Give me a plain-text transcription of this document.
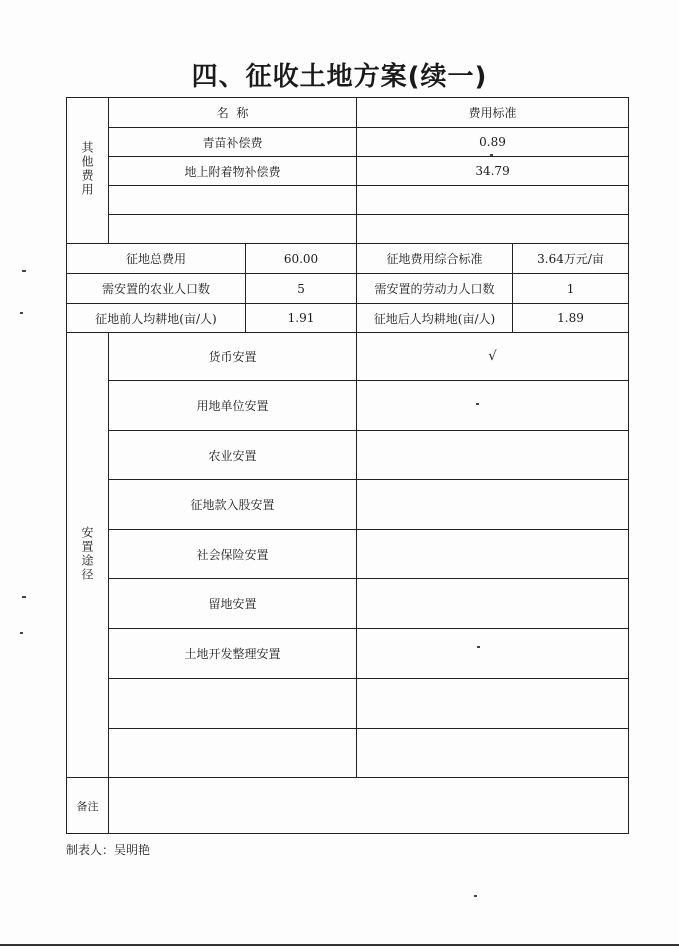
四、征收土地方案(续一)
其他费用	名  称		费用标准	
	青苗补偿费		0.89	
	地上附着物补偿费		34.79	

征地总费用		60.00	征地费用综合标准	3.64万元/亩
需安置的农业人口数		5	需安置的劳动力人口数	1
征地前人均耕地(亩/人)		1.91	征地后人均耕地(亩/人)	1.89
安置途径	货币安置		√	
	用地单位安置			
	农业安置			
	征地款入股安置			
	社会保险安置			
	留地安置			
	土地开发整理安置			

备注				
制表人：吴明艳
